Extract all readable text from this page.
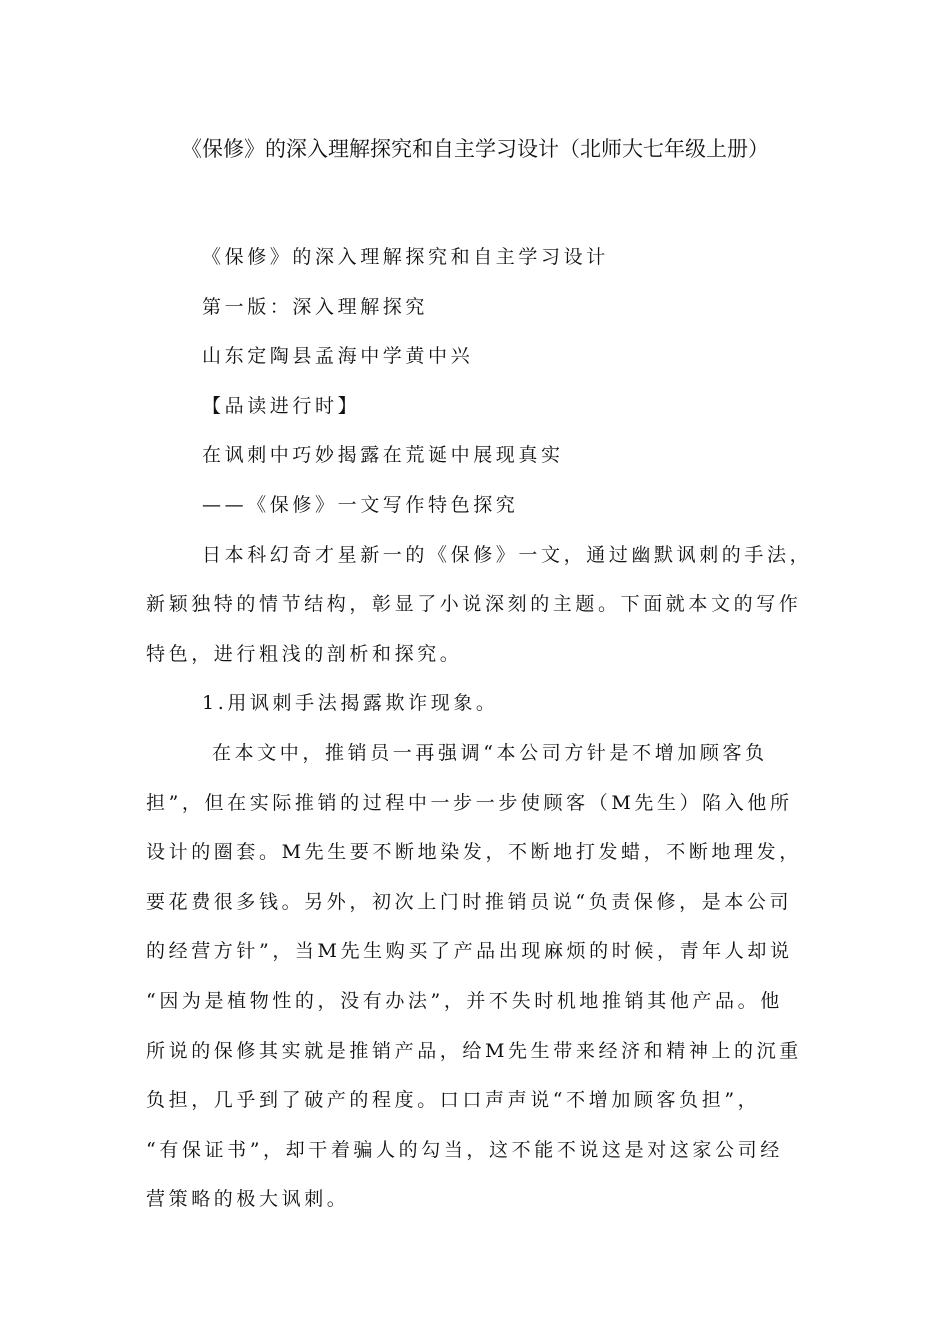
《保修》的深入理解探究和自主学习设计（北师大七年级上册）
《保修》的深入理解探究和自主学习设计
第一版：深入理解探究
山东定陶县孟海中学黄中兴
【品读进行时】
在讽刺中巧妙揭露在荒诞中展现真实
——《保修》一文写作特色探究
日本科幻奇才星新一的《保修》一文，通过幽默讽刺的手法，
新颖独特的情节结构，彰显了小说深刻的主题。下面就本文的写作
特色，进行粗浅的剖析和探究。
1.用讽刺手法揭露欺诈现象。
在本文中，推销员一再强调“本公司方针是不增加顾客负
担”，但在实际推销的过程中一步一步使顾客（M先生）陷入他所
设计的圈套。M先生要不断地染发，不断地打发蜡，不断地理发，
要花费很多钱。另外，初次上门时推销员说“负责保修，是本公司
的经营方针”，当M先生购买了产品出现麻烦的时候，青年人却说
“因为是植物性的，没有办法”，并不失时机地推销其他产品。他
所说的保修其实就是推销产品，给M先生带来经济和精神上的沉重
负担，几乎到了破产的程度。口口声声说“不增加顾客负担”，
“有保证书”，却干着骗人的勾当，这不能不说这是对这家公司经
营策略的极大讽刺。
